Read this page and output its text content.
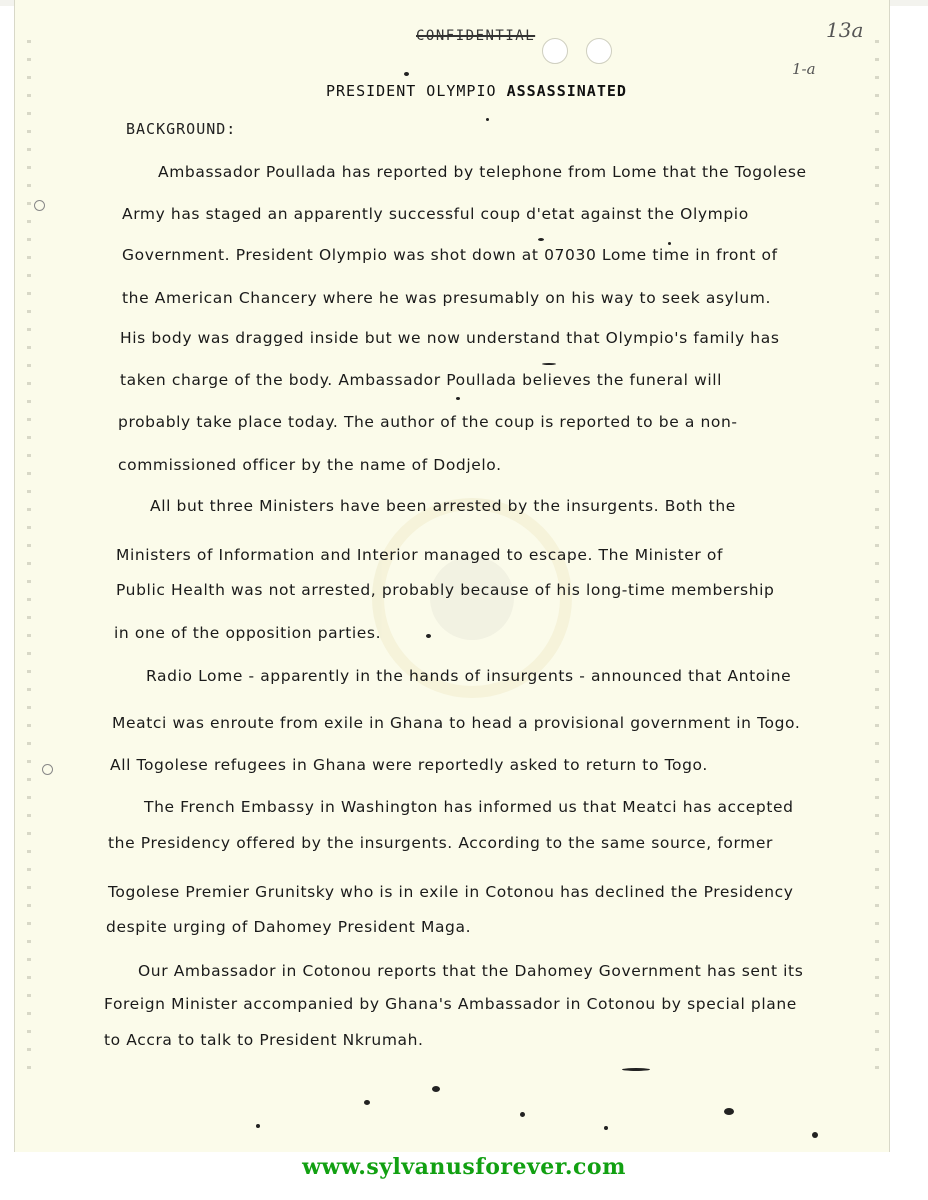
CONFIDENTIAL	13a
1-a
PRESIDENT OLYMPIO ASSASSINATED
BACKGROUND:
Ambassador Poullada has reported by telephone from Lome that the Togolese
Army has staged an apparently successful coup d'etat against the Olympio
Government. President Olympio was shot down at 07030 Lome time in front of
the American Chancery where he was presumably on his way to seek asylum.
His body was dragged inside but we now understand that Olympio's family has
taken charge of the body. Ambassador Poullada believes the funeral will
probably take place today. The author of the coup is reported to be a non-
commissioned officer by the name of Dodjelo.
All but three Ministers have been arrested by the insurgents. Both the
Ministers of Information and Interior managed to escape. The Minister of
Public Health was not arrested, probably because of his long-time membership
in one of the opposition parties.
Radio Lome - apparently in the hands of insurgents - announced that Antoine
Meatci was enroute from exile in Ghana to head a provisional government in Togo.
All Togolese refugees in Ghana were reportedly asked to return to Togo.
The French Embassy in Washington has informed us that Meatci has accepted
the Presidency offered by the insurgents. According to the same source, former
Togolese Premier Grunitsky who is in exile in Cotonou has declined the Presidency
despite urging of Dahomey President Maga.
Our Ambassador in Cotonou reports that the Dahomey Government has sent its
Foreign Minister accompanied by Ghana's Ambassador in Cotonou by special plane
to Accra to talk to President Nkrumah.
www.sylvanusforever.com
